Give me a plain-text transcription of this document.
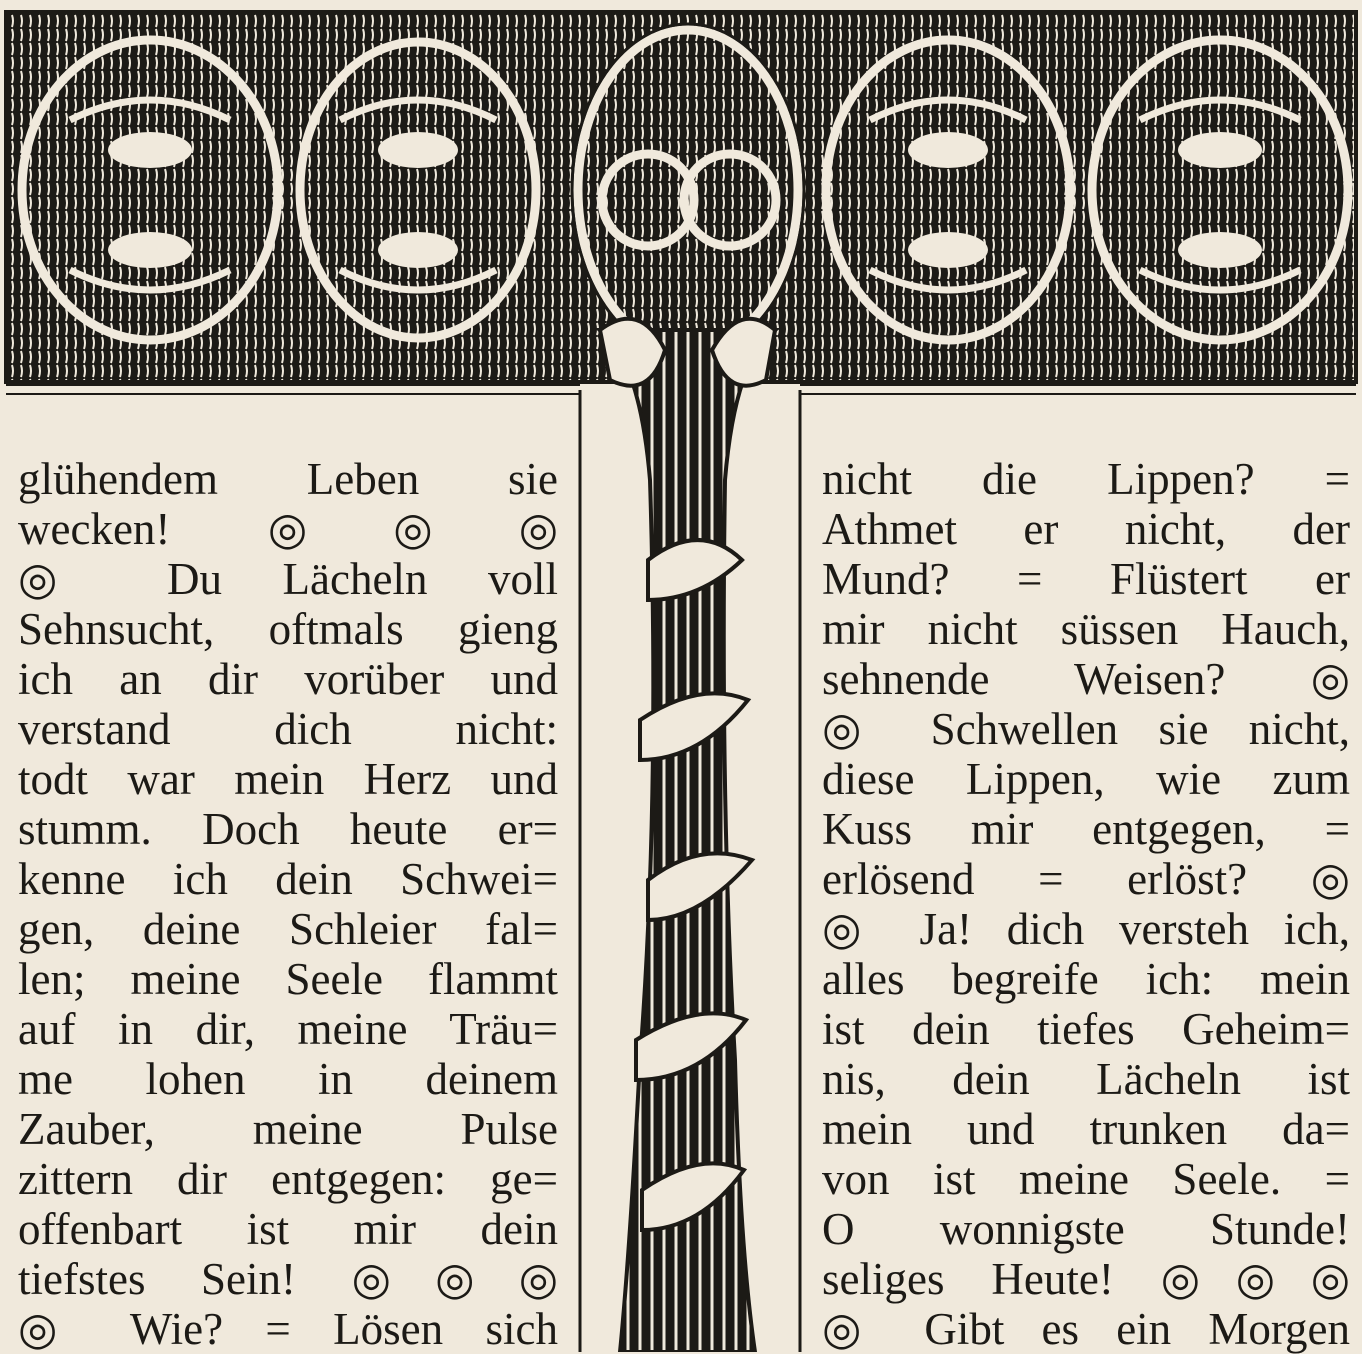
glühendem Leben sie
wecken! ◎◎◎
◎ Du Lächeln voll
Sehnsucht, oftmals gieng
ich an dir vorüber und
verstand dich nicht:
todt war mein Herz und
stumm. Doch heute er=
kenne ich dein Schwei=
gen, deine Schleier fal=
len; meine Seele flammt
auf in dir, meine Träu=
me lohen in deinem
Zauber, meine Pulse
zittern dir entgegen: ge=
offenbart ist mir dein
tiefstes Sein! ◎◎◎
◎ Wie? = Lösen sich
nicht die Lippen? =
Athmet er nicht, der
Mund? = Flüstert er
mir nicht süssen Hauch,
sehnende Weisen? ◎
◎ Schwellen sie nicht,
diese Lippen, wie zum
Kuss mir entgegen, =
erlösend = erlöst? ◎
◎ Ja! dich versteh ich,
alles begreife ich: mein
ist dein tiefes Geheim=
nis, dein Lächeln ist
mein und trunken da=
von ist meine Seele. =
O wonnigste Stunde!
seliges Heute! ◎◎◎
◎ Gibt es ein Morgen
